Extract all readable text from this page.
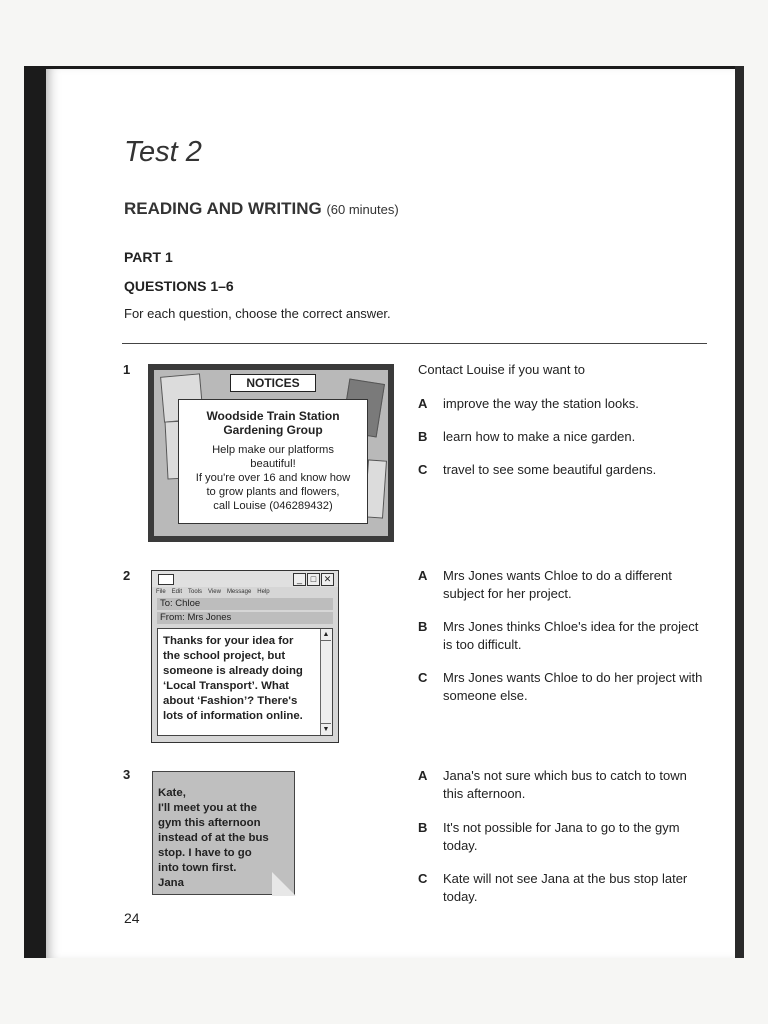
Test 2
READING AND WRITING (60 minutes)
PART 1
QUESTIONS 1–6

For each question, choose the correct answer.

1
NOTICES
Woodside Train Station
Gardening Group
Help make our platforms
beautiful!
If you're over 16 and know how
to grow plants and flowers,
call Louise (046289432)
Contact Louise if you want to
A improve the way the station looks.
B learn how to make a nice garden.
C travel to see some beautiful gardens.
2	_ □ ✕
File Edit Tools View Message Help
To: Chloe
From: Mrs Jones
Thanks for your idea for
the school project, but
someone is already doing
‘Local Transport’. What
about ‘Fashion’? There's
lots of information online.
▲
▼
A Mrs Jones wants Chloe to do a different subject for her project.
B Mrs Jones thinks Chloe's idea for the project is too difficult.
C Mrs Jones wants Chloe to do her project with someone else.
3
Kate,
I'll meet you at the
gym this afternoon
instead of at the bus
stop. I have to go
into town first.
Jana
A Jana's not sure which bus to catch to town this afternoon.
B It's not possible for Jana to go to the gym today.
C Kate will not see Jana at the bus stop later today.
24
